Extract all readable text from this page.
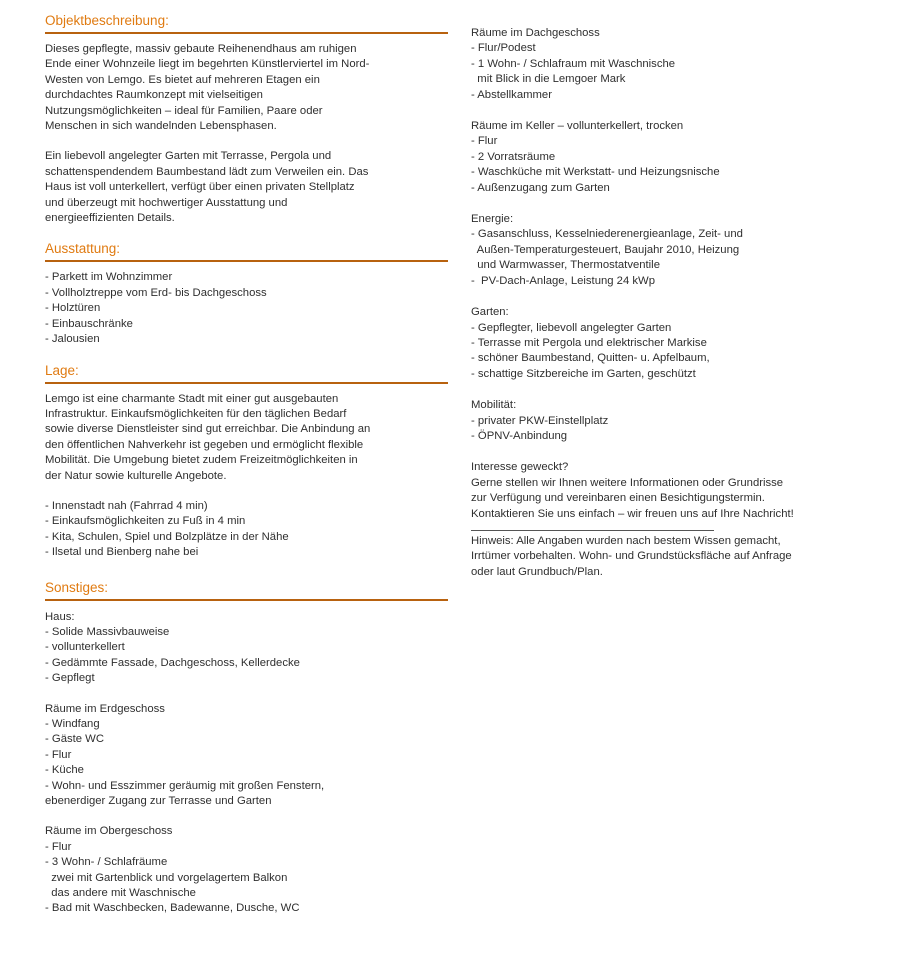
Objektbeschreibung:
Dieses gepflegte, massiv gebaute Reihenendhaus am ruhigen
Ende einer Wohnzeile liegt im begehrten Künstlerviertel im Nord-
Westen von Lemgo. Es bietet auf mehreren Etagen ein
durchdachtes Raumkonzept mit vielseitigen
Nutzungsmöglichkeiten – ideal für Familien, Paare oder
Menschen in sich wandelnden Lebensphasen.
Ein liebevoll angelegter Garten mit Terrasse, Pergola und
schattenspendendem Baumbestand lädt zum Verweilen ein. Das
Haus ist voll unterkellert, verfügt über einen privaten Stellplatz
und überzeugt mit hochwertiger Ausstattung und
energieeffizienten Details.
Ausstattung:
- Parkett im Wohnzimmer
- Vollholztreppe vom Erd- bis Dachgeschoss
- Holztüren
- Einbauschränke
- Jalousien
Lage:
Lemgo ist eine charmante Stadt mit einer gut ausgebauten
Infrastruktur. Einkaufsmöglichkeiten für den täglichen Bedarf
sowie diverse Dienstleister sind gut erreichbar. Die Anbindung an
den öffentlichen Nahverkehr ist gegeben und ermöglicht flexible
Mobilität. Die Umgebung bietet zudem Freizeitmöglichkeiten in
der Natur sowie kulturelle Angebote.
- Innenstadt nah (Fahrrad 4 min)
- Einkaufsmöglichkeiten zu Fuß in 4 min
- Kita, Schulen, Spiel und Bolzplätze in der Nähe
- Ilsetal und Bienberg nahe bei
Sonstiges:
Haus:
- Solide Massivbauweise
- vollunterkellert
- Gedämmte Fassade, Dachgeschoss, Kellerdecke
- Gepflegt
Räume im Erdgeschoss
- Windfang
- Gäste WC
- Flur
- Küche
- Wohn- und Esszimmer geräumig mit großen Fenstern,
ebenerdiger Zugang zur Terrasse und Garten
Räume im Obergeschoss
- Flur
- 3 Wohn- / Schlafräume
zwei mit Gartenblick und vorgelagertem Balkon
das andere mit Waschnische
- Bad mit Waschbecken, Badewanne, Dusche, WC
Räume im Dachgeschoss
- Flur/Podest
- 1 Wohn- / Schlafraum mit Waschnische
mit Blick in die Lemgoer Mark
- Abstellkammer
Räume im Keller – vollunterkellert, trocken
- Flur
- 2 Vorratsräume
- Waschküche mit Werkstatt- und Heizungsnische
- Außenzugang zum Garten
Energie:
- Gasanschluss, Kesselniederenergieanlage, Zeit- und
Außen-Temperaturgesteuert, Baujahr 2010, Heizung
und Warmwasser, Thermostatventile
-  PV-Dach-Anlage, Leistung 24 kWp
Garten:
- Gepflegter, liebevoll angelegter Garten
- Terrasse mit Pergola und elektrischer Markise
- schöner Baumbestand, Quitten- u. Apfelbaum,
- schattige Sitzbereiche im Garten, geschützt
Mobilität:
- privater PKW-Einstellplatz
- ÖPNV-Anbindung
Interesse geweckt?
Gerne stellen wir Ihnen weitere Informationen oder Grundrisse
zur Verfügung und vereinbaren einen Besichtigungstermin.
Kontaktieren Sie uns einfach – wir freuen uns auf Ihre Nachricht!
Hinweis: Alle Angaben wurden nach bestem Wissen gemacht,
Irrtümer vorbehalten. Wohn- und Grundstücksfläche auf Anfrage
oder laut Grundbuch/Plan.
